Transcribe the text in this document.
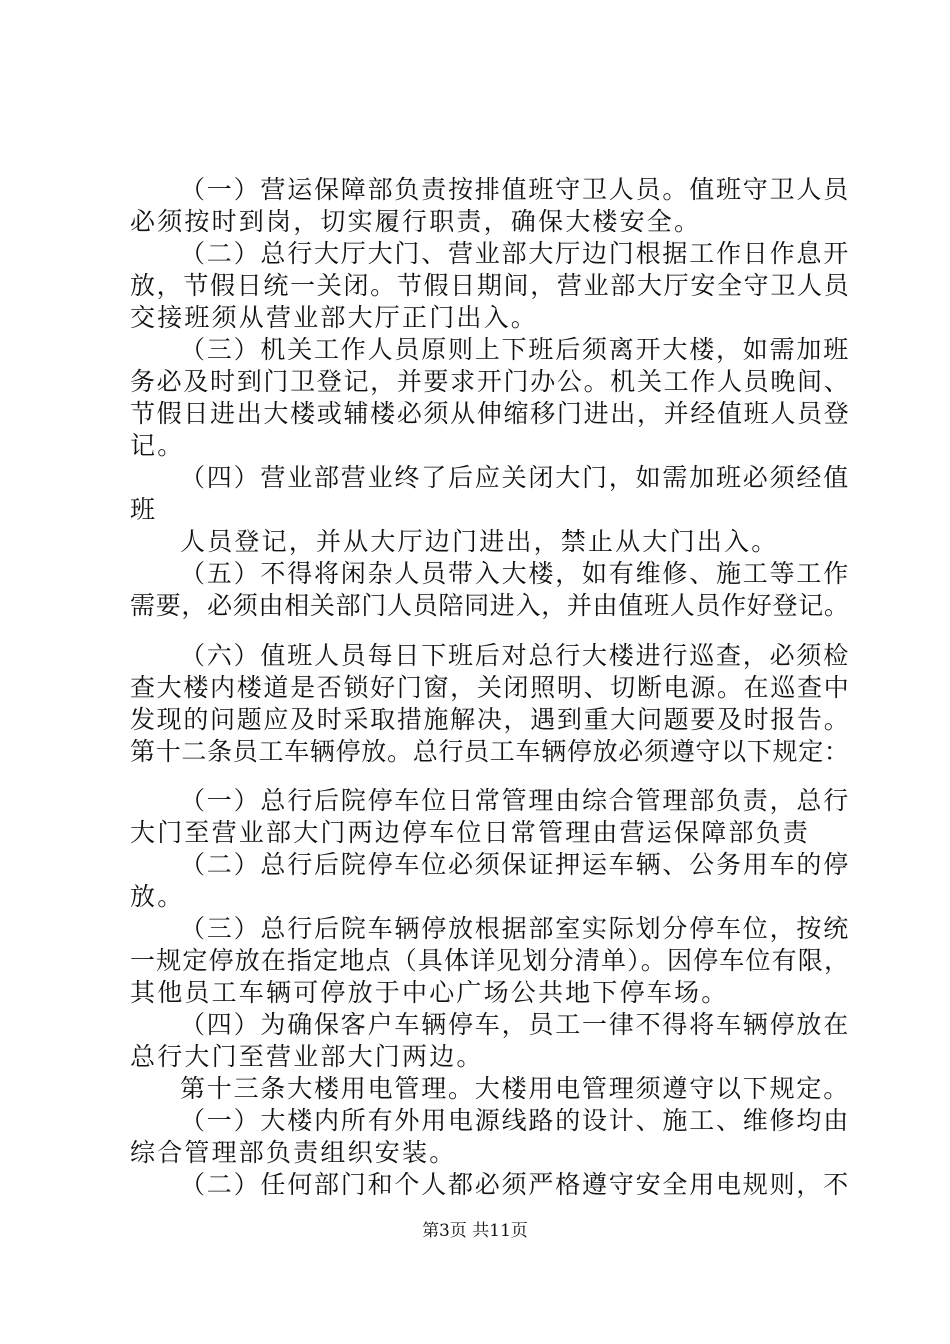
（一）营运保障部负责按排值班守卫人员。值班守卫人员
必须按时到岗，切实履行职责，确保大楼安全。
（二）总行大厅大门、营业部大厅边门根据工作日作息开
放，节假日统一关闭。节假日期间，营业部大厅安全守卫人员
交接班须从营业部大厅正门出入。
（三）机关工作人员原则上下班后须离开大楼，如需加班
务必及时到门卫登记，并要求开门办公。机关工作人员晚间、
节假日进出大楼或辅楼必须从伸缩移门进出，并经值班人员登
记。
（四）营业部营业终了后应关闭大门，如需加班必须经值
班
人员登记，并从大厅边门进出，禁止从大门出入。
（五）不得将闲杂人员带入大楼，如有维修、施工等工作
需要，必须由相关部门人员陪同进入，并由值班人员作好登记。
（六）值班人员每日下班后对总行大楼进行巡查，必须检
查大楼内楼道是否锁好门窗，关闭照明、切断电源。在巡查中
发现的问题应及时采取措施解决，遇到重大问题要及时报告。
第十二条员工车辆停放。总行员工车辆停放必须遵守以下规定：
（一）总行后院停车位日常管理由综合管理部负责，总行
大门至营业部大门两边停车位日常管理由营运保障部负责
（二）总行后院停车位必须保证押运车辆、公务用车的停
放。
（三）总行后院车辆停放根据部室实际划分停车位，按统
一规定停放在指定地点（具体详见划分清单）。因停车位有限，
其他员工车辆可停放于中心广场公共地下停车场。
（四）为确保客户车辆停车，员工一律不得将车辆停放在
总行大门至营业部大门两边。
第十三条大楼用电管理。大楼用电管理须遵守以下规定。
（一）大楼内所有外用电源线路的设计、施工、维修均由
综合管理部负责组织安装。
（二）任何部门和个人都必须严格遵守安全用电规则，不
第3页 共11页
